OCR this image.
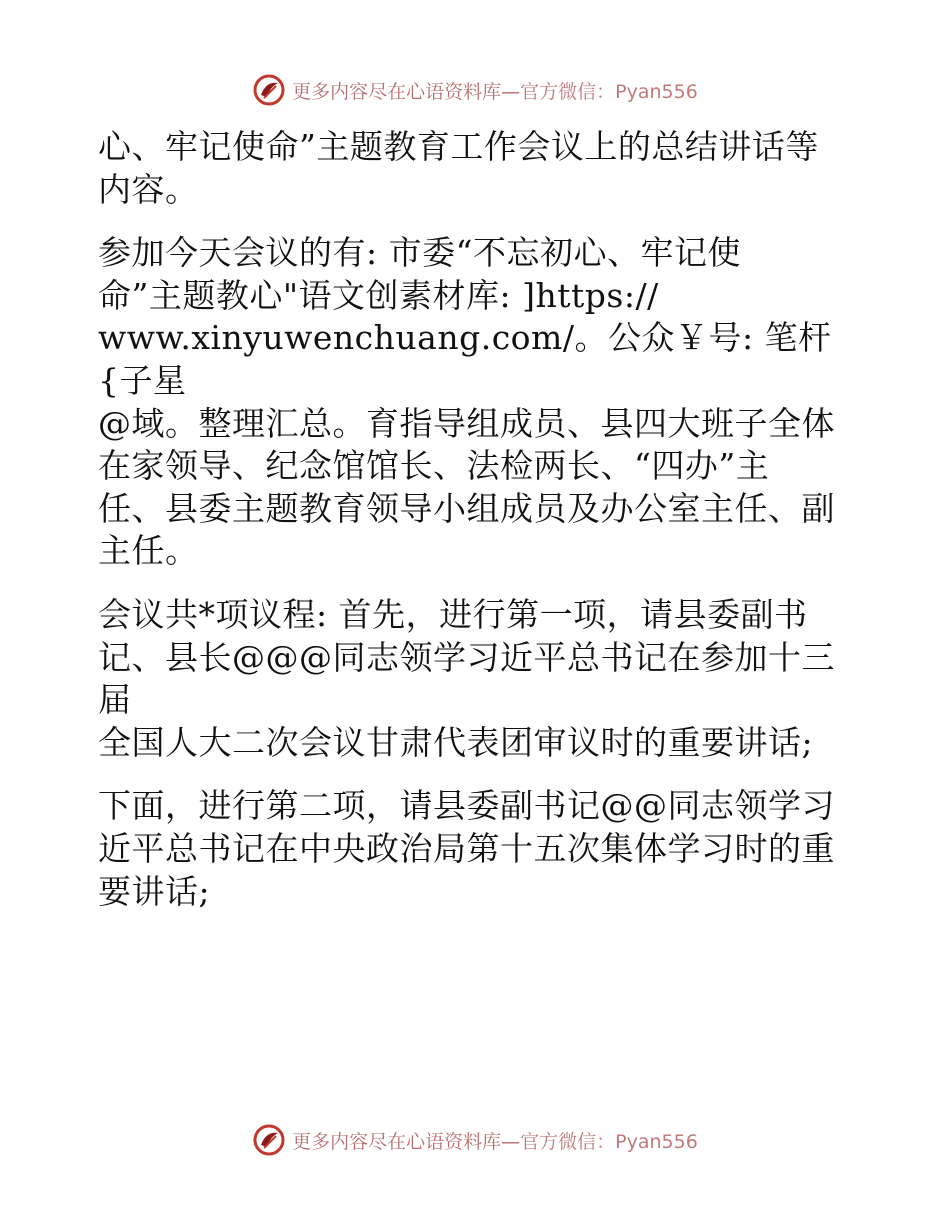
更多内容尽在心语资料库—官方微信：Pyan556

心、牢记使命”主题教育工作会议上的总结讲话等
内容。

参加今天会议的有: 市委“不忘初心、牢记使
命”主题教心"语文创素材库: ]https://
www.xinyuwenchuang.com/。公众￥号: 笔杆{子星
@域。整理汇总。育指导组成员、县四大班子全体
在家领导、纪念馆馆长、法检两长、“四办”主
任、县委主题教育领导小组成员及办公室主任、副
主任。

会议共*项议程: 首先，进行第一项，请县委副书
记、县长@@@同志领学习近平总书记在参加十三届
全国人大二次会议甘肃代表团审议时的重要讲话;

下面，进行第二项，请县委副书记@@同志领学习
近平总书记在中央政治局第十五次集体学习时的重
要讲话;

更多内容尽在心语资料库—官方微信：Pyan556
